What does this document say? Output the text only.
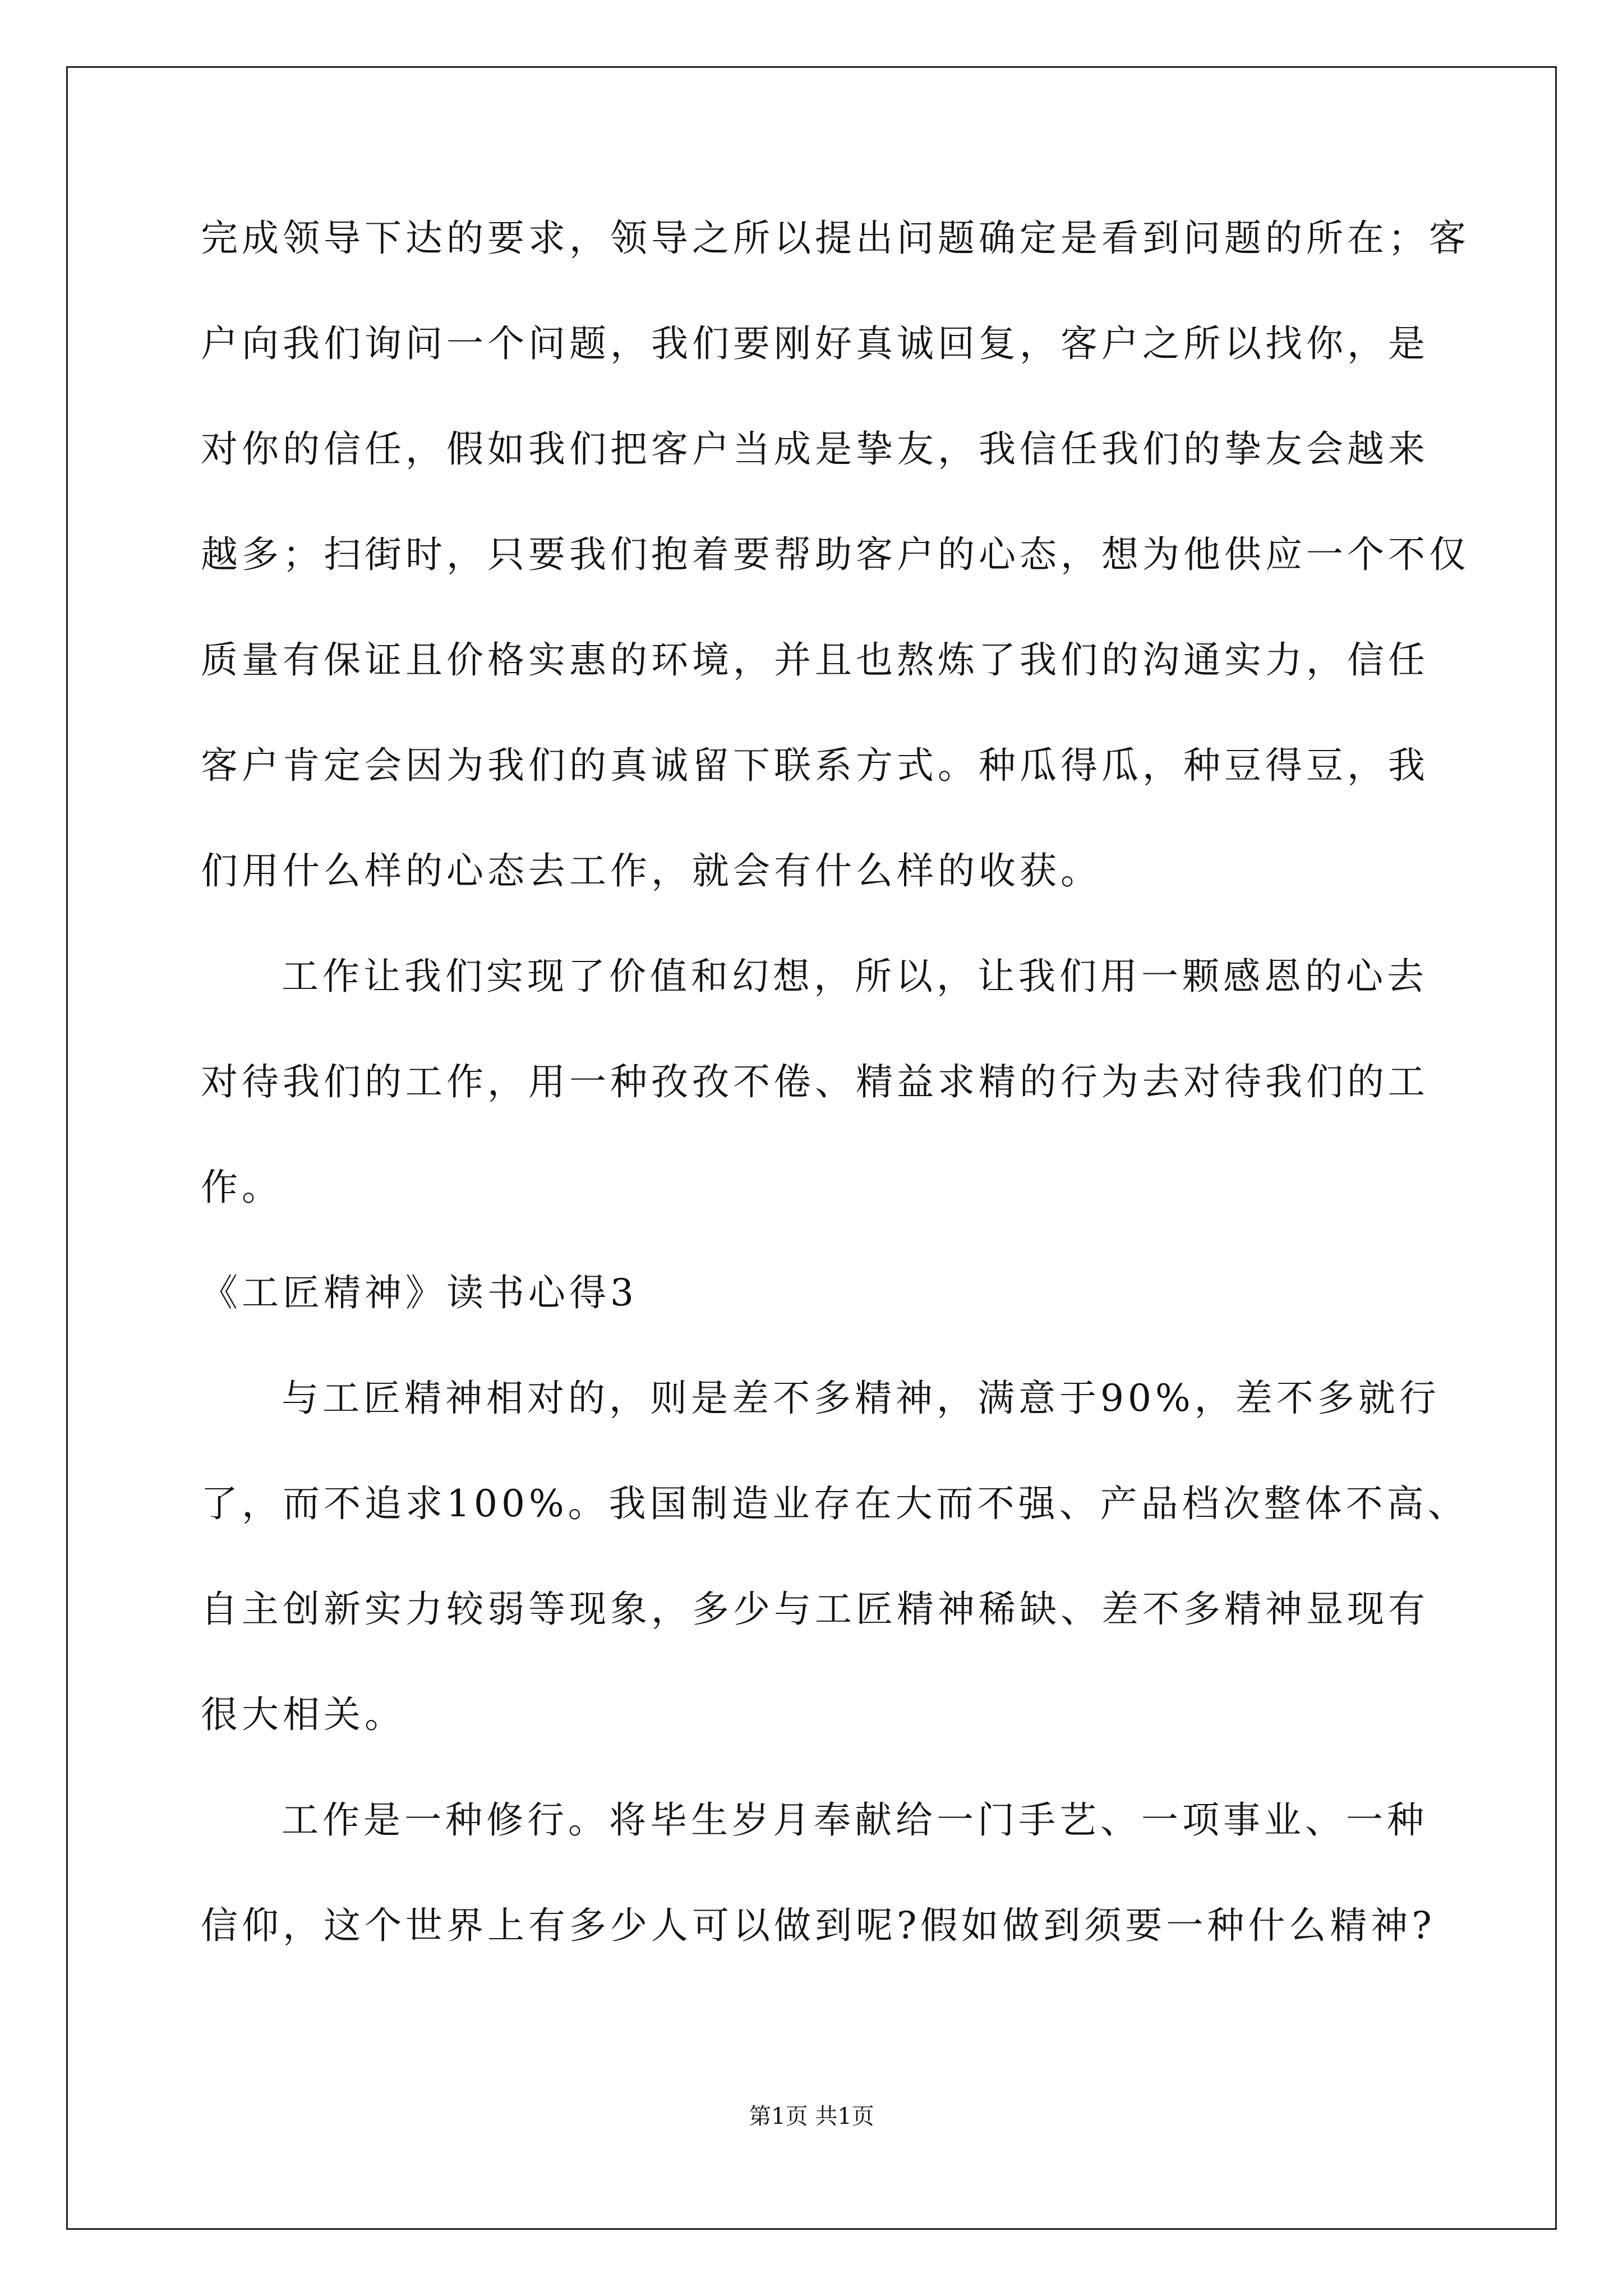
完成领导下达的要求，领导之所以提出问题确定是看到问题的所在；客
户向我们询问一个问题，我们要刚好真诚回复，客户之所以找你，是
对你的信任，假如我们把客户当成是挚友，我信任我们的挚友会越来
越多；扫街时，只要我们抱着要帮助客户的心态，想为他供应一个不仅
质量有保证且价格实惠的环境，并且也熬炼了我们的沟通实力，信任
客户肯定会因为我们的真诚留下联系方式。种瓜得瓜，种豆得豆，我
们用什么样的心态去工作，就会有什么样的收获。
工作让我们实现了价值和幻想，所以，让我们用一颗感恩的心去
对待我们的工作，用一种孜孜不倦、精益求精的行为去对待我们的工
作。
《工匠精神》读书心得3
与工匠精神相对的，则是差不多精神，满意于90%，差不多就行
了，而不追求100%。我国制造业存在大而不强、产品档次整体不高、
自主创新实力较弱等现象，多少与工匠精神稀缺、差不多精神显现有
很大相关。
工作是一种修行。将毕生岁月奉献给一门手艺、一项事业、一种
信仰，这个世界上有多少人可以做到呢?假如做到须要一种什么精神?
第1页 共1页
